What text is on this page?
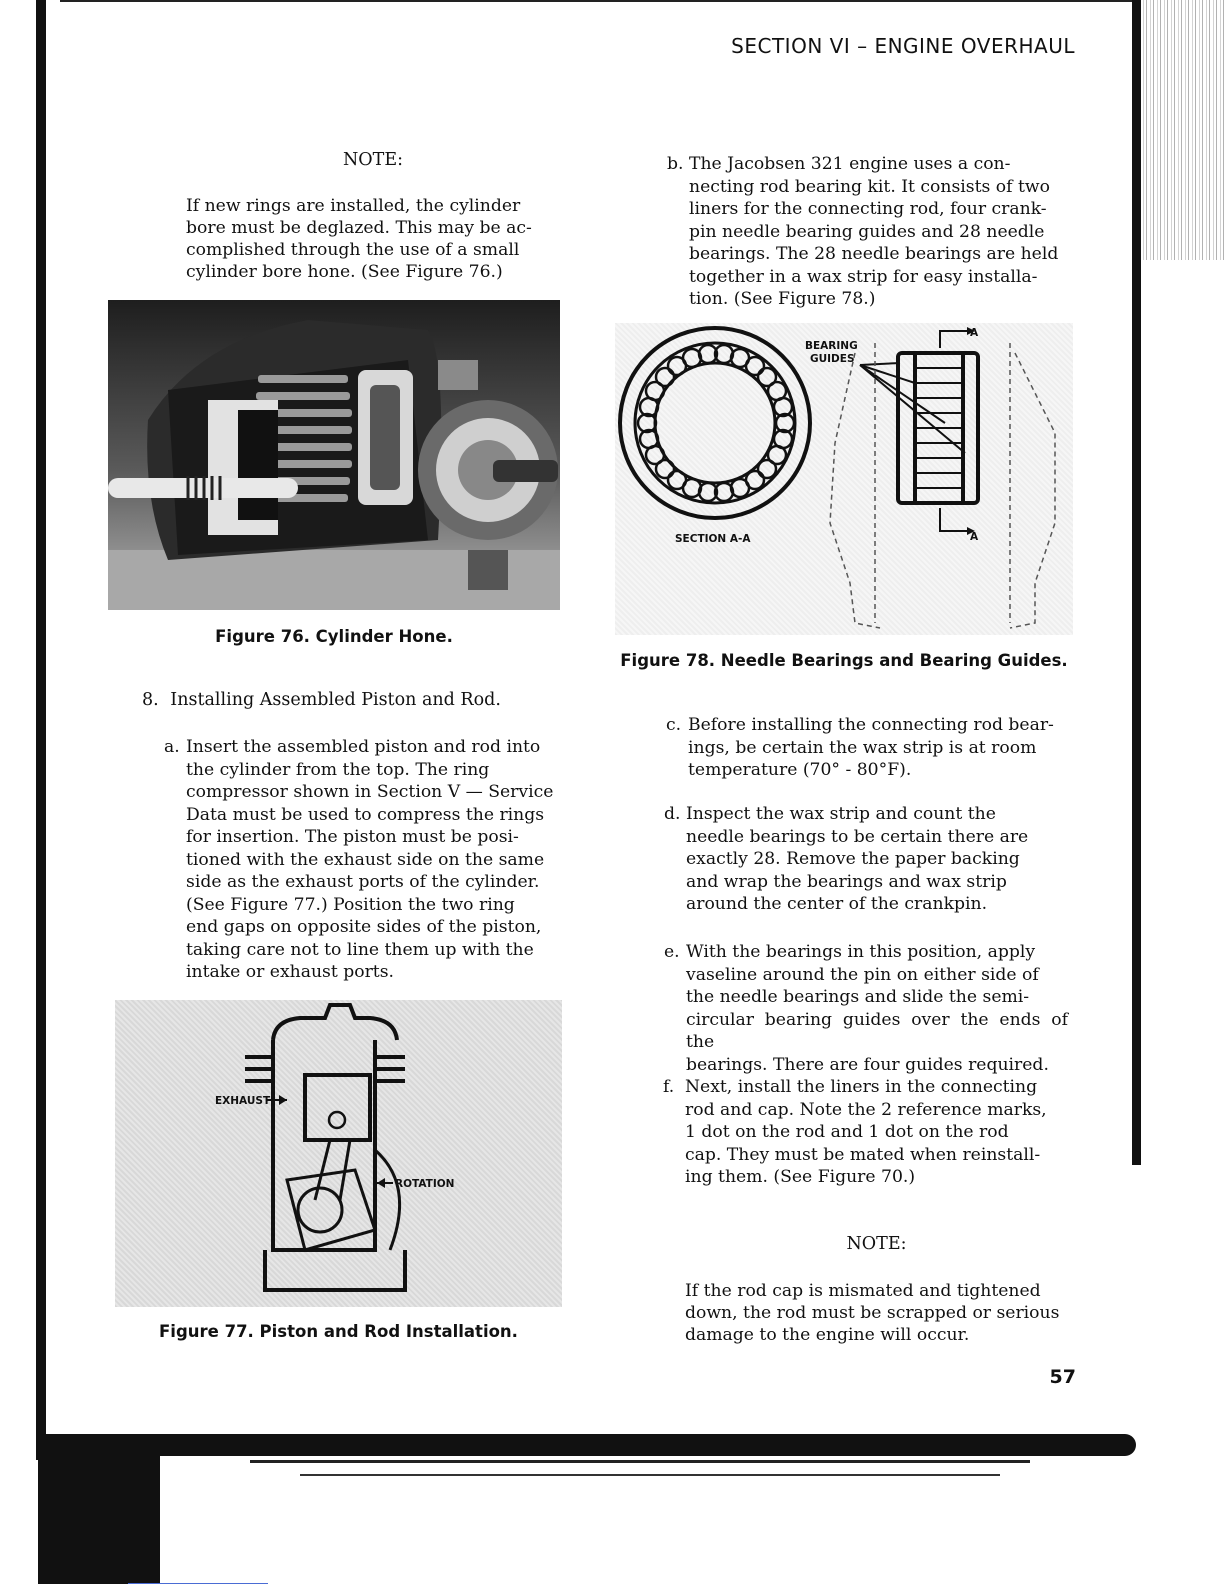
SECTION VI – ENGINE OVERHAUL
NOTE:
If new rings are installed, the cylinder
bore must be deglazed. This may be ac-
complished through the use of a small
cylinder bore hone. (See Figure 76.)
Figure 76. Cylinder Hone.
8. Installing Assembled Piston and Rod.
a. Insert the assembled piston and rod into
the cylinder from the top. The ring
compressor shown in Section V — Service
Data must be used to compress the rings
for insertion. The piston must be posi-
tioned with the exhaust side on the same
side as the exhaust ports of the cylinder.
(See Figure 77.) Position the two ring
end gaps on opposite sides of the piston,
taking care not to line them up with the
intake or exhaust ports.
EXHAUST
ROTATION
Figure 77. Piston and Rod Installation.
b. The Jacobsen 321 engine uses a con-
necting rod bearing kit. It consists of two
liners for the connecting rod, four crank-
pin needle bearing guides and 28 needle
bearings. The 28 needle bearings are held
together in a wax strip for easy installa-
tion. (See Figure 78.)
A
A
BEARING
GUIDES
SECTION A-A
Figure 78. Needle Bearings and Bearing Guides.
c. Before installing the connecting rod bear-
ings, be certain the wax strip is at room
temperature (70° - 80°F).
d. Inspect the wax strip and count the
needle bearings to be certain there are
exactly 28. Remove the paper backing
and wrap the bearings and wax strip
around the center of the crankpin.
e. With the bearings in this position, apply
vaseline around the pin on either side of
the needle bearings and slide the semi-
circular bearing guides over the ends of the
bearings. There are four guides required.
f. Next, install the liners in the connecting
rod and cap. Note the 2 reference marks,
1 dot on the rod and 1 dot on the rod
cap. They must be mated when reinstall-
ing them. (See Figure 70.)
NOTE:
If the rod cap is mismated and tightened
down, the rod must be scrapped or serious
damage to the engine will occur.
57
